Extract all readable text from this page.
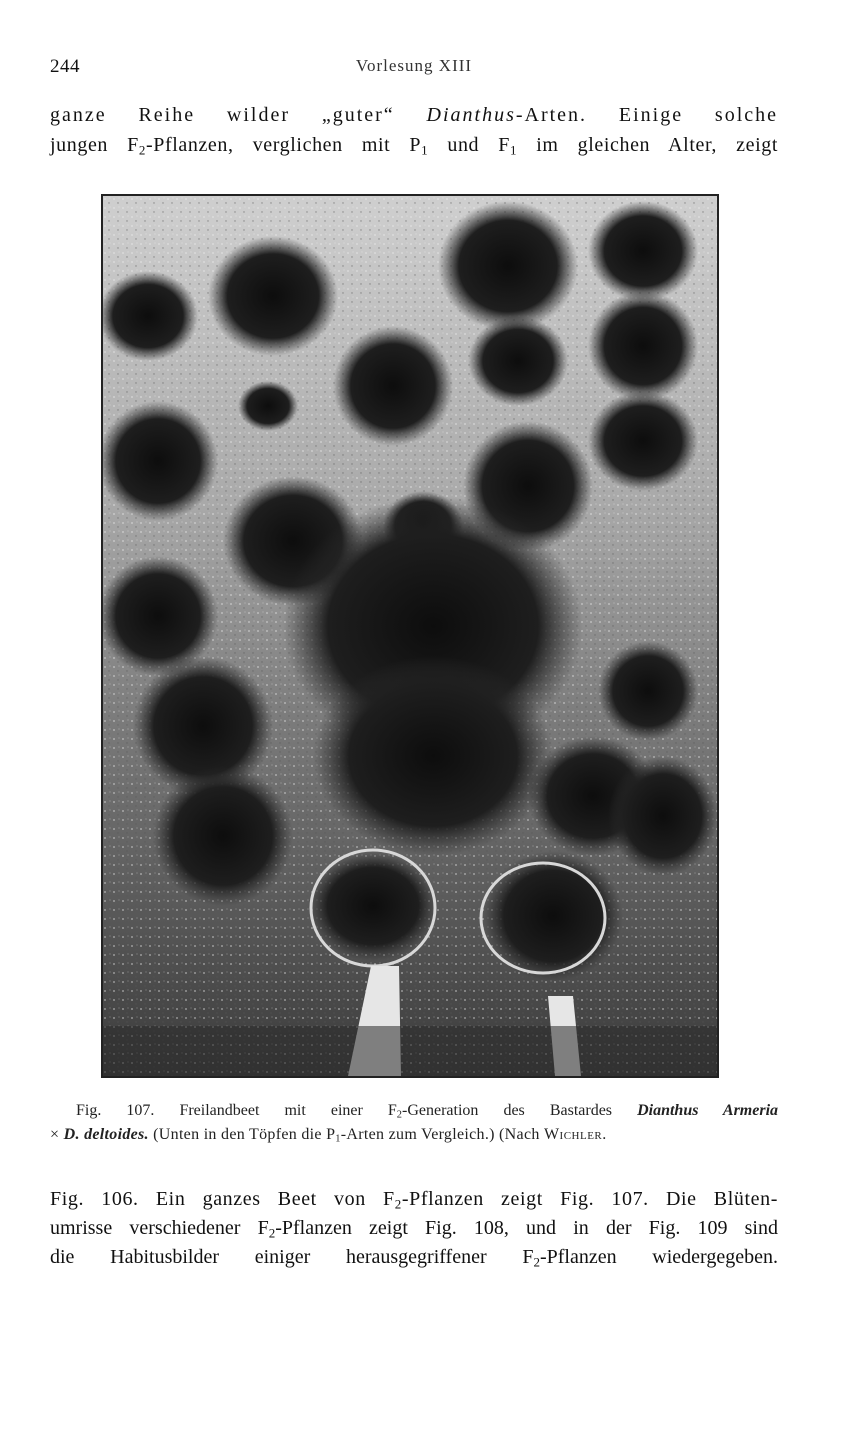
244	Vorlesung XIII
ganze Reihe wilder „guter“ Dianthus-Arten. Einige solche
jungen $F_2$-Pflanzen, verglichen mit $P_1$ und $F_1$ im gleichen Alter, zeigt
Fig. 107. Freilandbeet mit einer $F_2$-Generation des Bastardes Dianthus Armeria
× D. deltoides. (Unten in den Töpfen die $P_1$-Arten zum Vergleich.) (Nach Wichler.
Fig. 106. Ein ganzes Beet von $F_2$-Pflanzen zeigt Fig. 107. Die Blüten-
umrisse verschiedener $F_2$-Pflanzen zeigt Fig. 108, und in der Fig. 109 sind
die Habitusbilder einiger herausgegriffener $F_2$-Pflanzen wiedergegeben.
